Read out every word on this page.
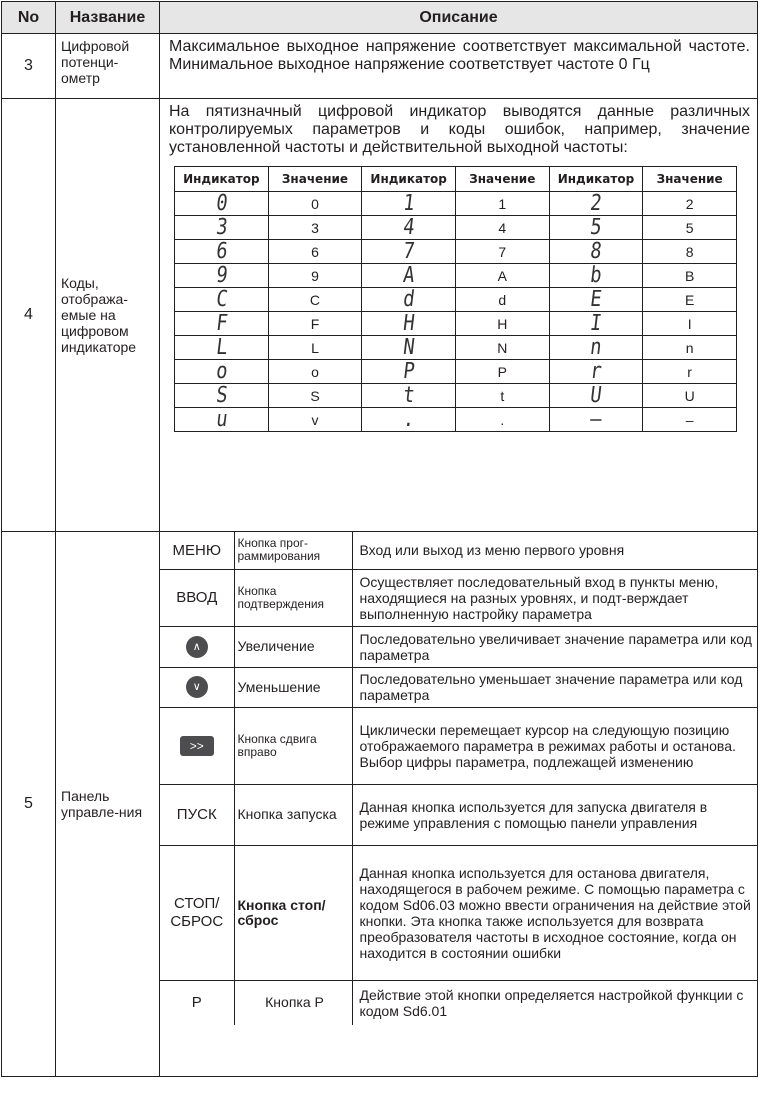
No	Название	Описание
3	Цифровой потенци-ометр	Максимальное выходное напряжение соответствует максимальной частоте. Минимальное выходное напряжение соответствует частоте 0 Гц
4	Коды, отобража-емые на цифровом индикаторе	
На пятизначный цифровой индикатор выводятся данные различных контролируемых параметров и коды ошибок, например, значение установленной частоты и действительной выходной частоты:
Индикатор	Значение	Индикатор	Значение	Индикатор	Значение
0	0	1	1	2	2
3	3	4	4	5	5
6	6	7	7	8	8
9	9	A	A	b	B
C	C	d	d	E	E
F	F	H	H	I	I
L	L	N	N	n	n
o	o	P	P	r	r
S	S	t	t	U	U
u	v	.	.	–	–

5	Панель управле-ния	
МЕНЮ	Кнопка прог-раммирования	Вход или выход из меню первого уровня
ВВОД	Кнопка подтверждения	Осуществляет последовательный вход в пункты меню, находящиеся на разных уровнях, и подт-верждает выполненную настройку параметра
∧	Увеличение	Последовательно увеличивает значение параметра или код параметра
∨	Уменьшение	Последовательно уменьшает значение параметра или код параметра
>>	Кнопка сдвига вправо	Циклически перемещает курсор на следующую позицию отображаемого параметра в режимах работы и останова. Выбор цифры параметра, подлежащей изменению
ПУСК	Кнопка запуска	Данная кнопка используется для запуска двигателя в режиме управления с помощью панели управления
СТОП/ СБРОС	Кнопка стоп/сброс	Данная кнопка используется для останова двигателя, находящегося в рабочем режиме. С помощью параметра с кодом Sd06.03 можно ввести ограничения на действие этой кнопки. Эта кнопка также используется для возврата преобразователя частоты в исходное состояние, когда он находится в состоянии ошибки
P	Кнопка P	Действие этой кнопки определяется настройкой функции с кодом Sd6.01
